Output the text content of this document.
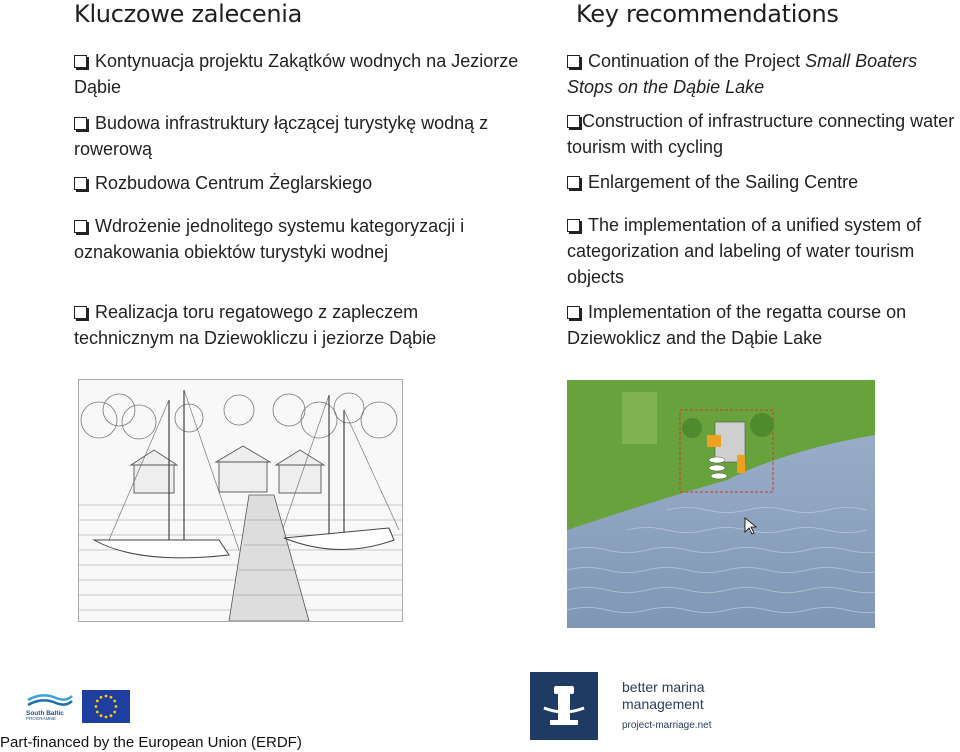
Kluczowe zalecenia
Kontynuacja projektu Zakątków wodnych na Jeziorze Dąbie
Budowa infrastruktury łączącej turystykę wodną z rowerową
Rozbudowa Centrum Żeglarskiego
Wdrożenie jednolitego systemu kategoryzacji i oznakowania obiektów turystyki wodnej
Realizacja toru regatowego z zapleczem technicznym na Dziewokliczu i jeziorze Dąbie
Key recommendations
Continuation of the Project Small Boaters Stops on the Dąbie Lake
Construction of infrastructure connecting water tourism with cycling
Enlargement of the Sailing Centre
The implementation of a unified system of categorization and labeling of water tourism objects
Implementation of the regatta course on Dziewoklicz and the Dąbie Lake
South Baltic
PROGRAMME
Part-financed by the European Union (ERDF)
better marina
management
project-marriage.net
